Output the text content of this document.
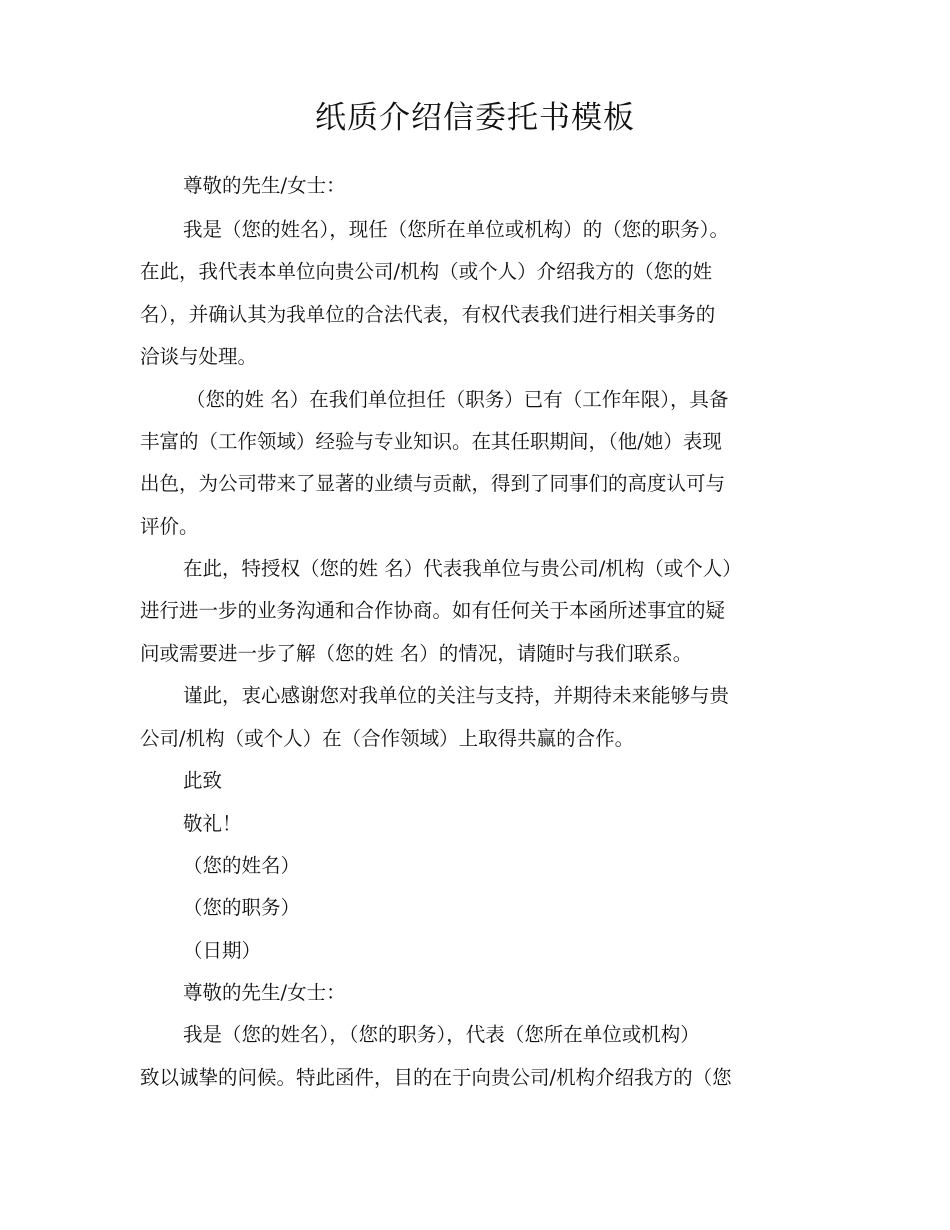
纸质介绍信委托书模板

尊敬的先生/女士：

我是（您的姓名），现任（您所在单位或机构）的（您的职务）。

在此，我代表本单位向贵公司/机构（或个人）介绍我方的（您的姓

名），并确认其为我单位的合法代表，有权代表我们进行相关事务的

洽谈与处理。

（您的姓 名）在我们单位担任（职务）已有（工作年限），具备

丰富的（工作领域）经验与专业知识。在其任职期间，（他/她）表现

出色，为公司带来了显著的业绩与贡献，得到了同事们的高度认可与

评价。

在此，特授权（您的姓 名）代表我单位与贵公司/机构（或个人）

进行进一步的业务沟通和合作协商。如有任何关于本函所述事宜的疑

问或需要进一步了解（您的姓 名）的情况，请随时与我们联系。

谨此，衷心感谢您对我单位的关注与支持，并期待未来能够与贵

公司/机构（或个人）在（合作领域）上取得共赢的合作。

此致

敬礼！

（您的姓名）

（您的职务）

（日期）

尊敬的先生/女士：

我是（您的姓名），（您的职务），代表（您所在单位或机构）

致以诚挚的问候。特此函件，目的在于向贵公司/机构介绍我方的（您
